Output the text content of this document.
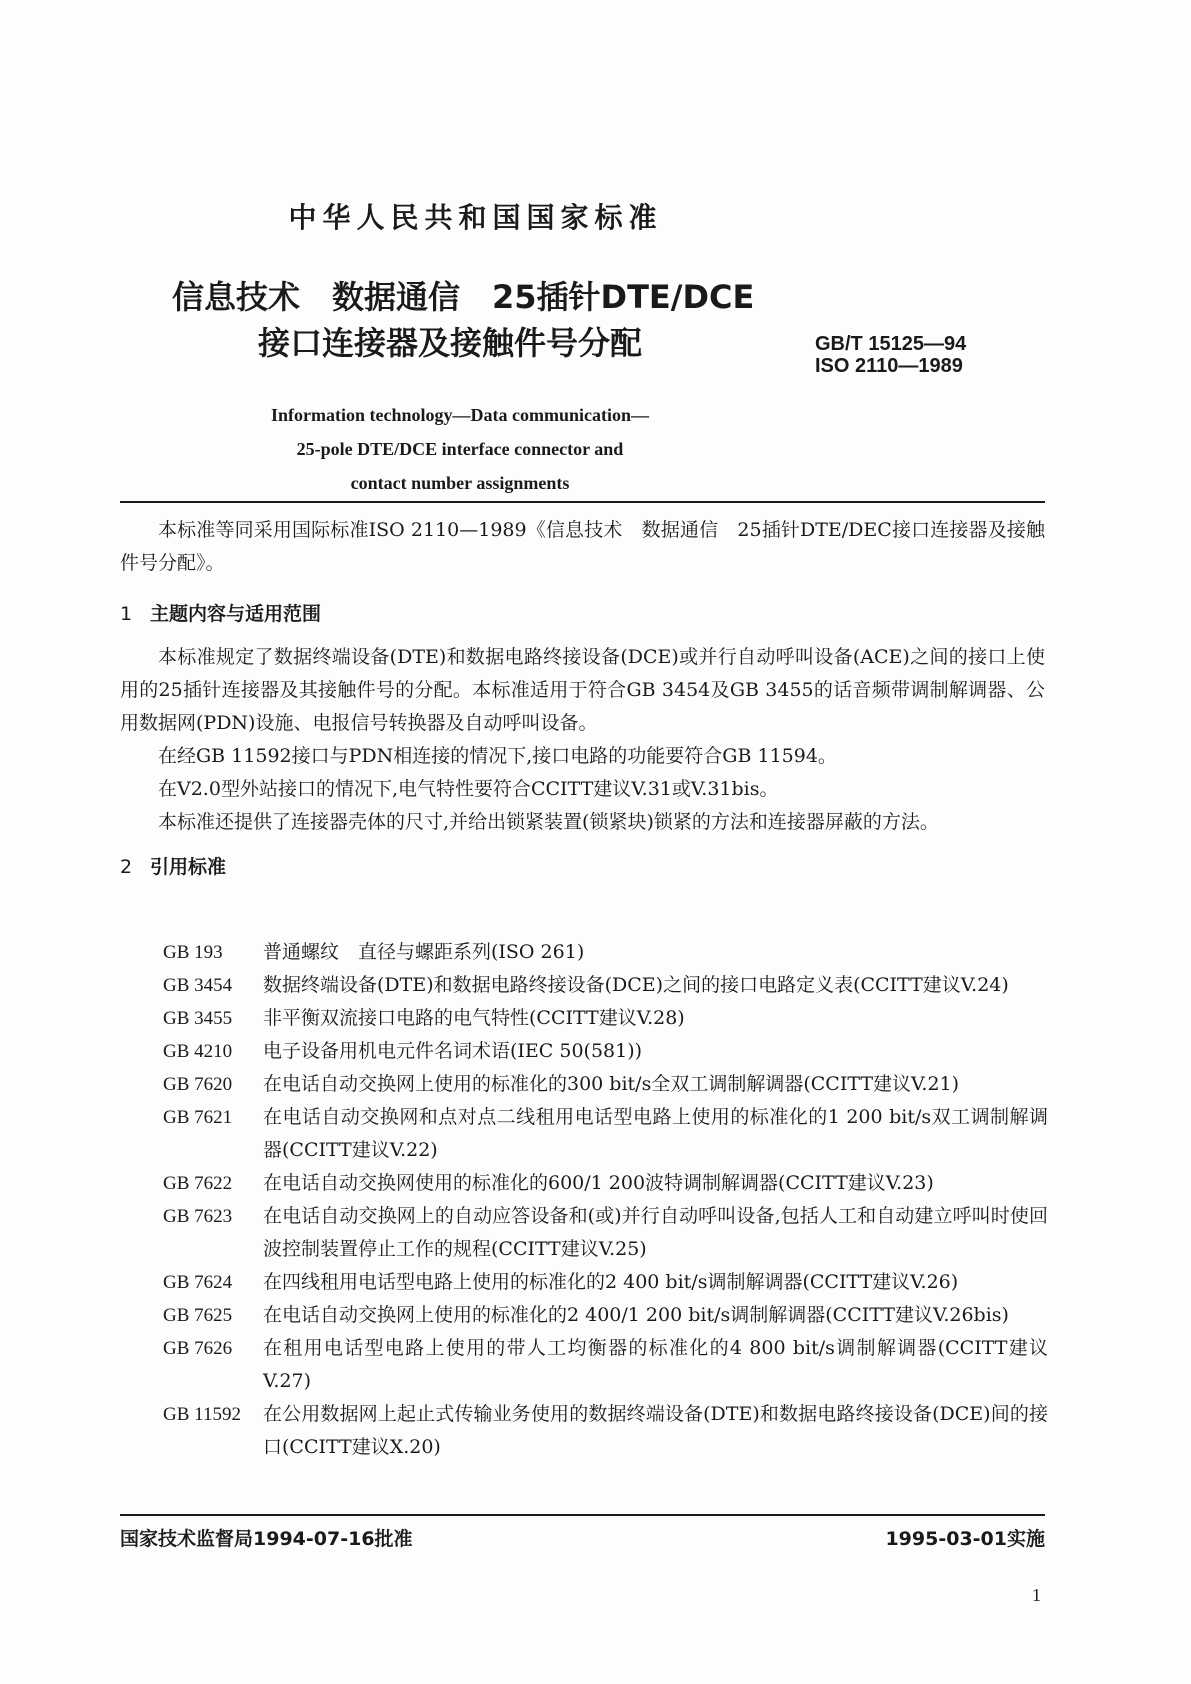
中华人民共和国国家标准
信息技术　数据通信　25插针DTE/DCE
接口连接器及接触件号分配	GB/T 15125—94
ISO 2110—1989
Information technology—Data communication—
25-pole DTE/DCE interface connector and
contact number assignments

本标准等同采用国际标准ISO 2110—1989《信息技术　数据通信　25插针DTE/DEC接口连接器及接触件号分配》。

1 主题内容与适用范围

本标准规定了数据终端设备(DTE)和数据电路终接设备(DCE)或并行自动呼叫设备(ACE)之间的接口上使用的25插针连接器及其接触件号的分配。本标准适用于符合GB 3454及GB 3455的话音频带调制解调器、公用数据网(PDN)设施、电报信号转换器及自动呼叫设备。

在经GB 11592接口与PDN相连接的情况下,接口电路的功能要符合GB 11594。

在V2.0型外站接口的情况下,电气特性要符合CCITT建议V.31或V.31bis。

本标准还提供了连接器壳体的尺寸,并给出锁紧装置(锁紧块)锁紧的方法和连接器屏蔽的方法。

2 引用标准

GB 193	普通螺纹　直径与螺距系列(ISO 261)
GB 3454	数据终端设备(DTE)和数据电路终接设备(DCE)之间的接口电路定义表(CCITT建议V.24)
GB 3455	非平衡双流接口电路的电气特性(CCITT建议V.28)
GB 4210	电子设备用机电元件名词术语(IEC 50(581))
GB 7620	在电话自动交换网上使用的标准化的300 bit/s全双工调制解调器(CCITT建议V.21)
GB 7621	在电话自动交换网和点对点二线租用电话型电路上使用的标准化的1 200 bit/s双工调制解调器(CCITT建议V.22)
GB 7622	在电话自动交换网使用的标准化的600/1 200波特调制解调器(CCITT建议V.23)
GB 7623	在电话自动交换网上的自动应答设备和(或)并行自动呼叫设备,包括人工和自动建立呼叫时使回波控制装置停止工作的规程(CCITT建议V.25)
GB 7624	在四线租用电话型电路上使用的标准化的2 400 bit/s调制解调器(CCITT建议V.26)
GB 7625	在电话自动交换网上使用的标准化的2 400/1 200 bit/s调制解调器(CCITT建议V.26bis)
GB 7626	在租用电话型电路上使用的带人工均衡器的标准化的4 800 bit/s调制解调器(CCITT建议V.27)
GB 11592	在公用数据网上起止式传输业务使用的数据终端设备(DTE)和数据电路终接设备(DCE)间的接口(CCITT建议X.20)
国家技术监督局1994-07-16批准	1995-03-01实施
1
